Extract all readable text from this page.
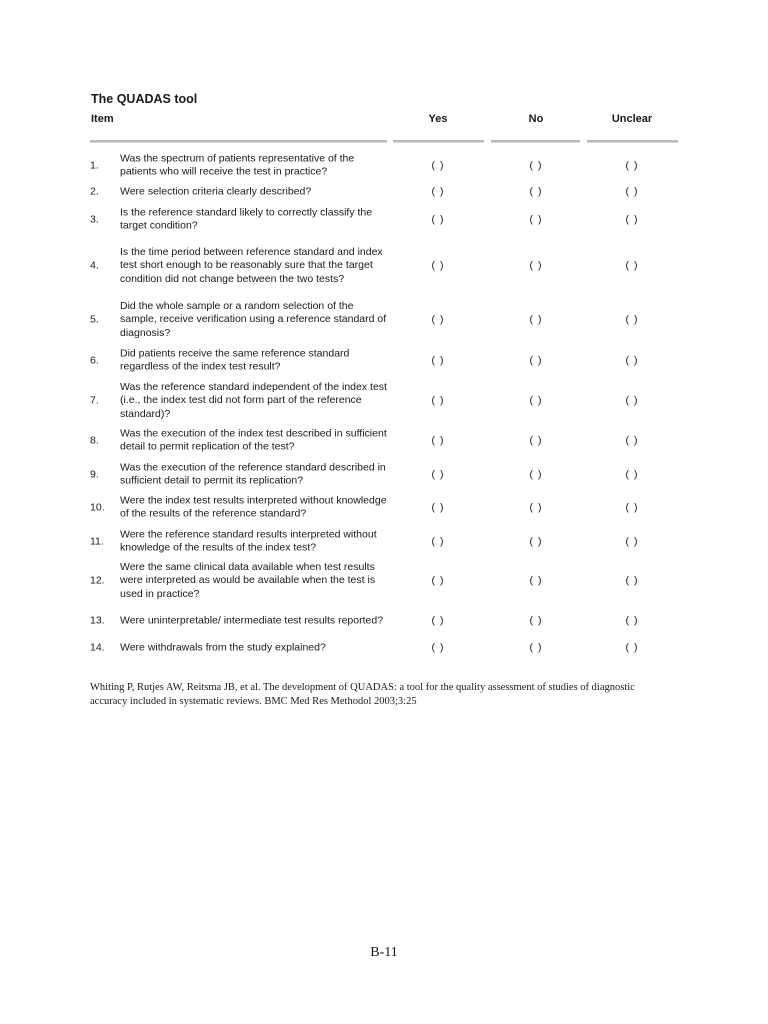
The QUADAS tool
Item	Yes	No	Unclear
1.
Was the spectrum of patients representative of the patients who will receive the test in practice?
( )	( )	( )
2. Were selection criteria clearly described?	( )	( )	( )
3.
Is the reference standard likely to correctly classify the target condition?
( )	( )	( )
4.
Is the time period between reference standard and index test short enough to be reasonably sure that the target condition did not change between the two tests?
( )	( )	( )
5.
Did the whole sample or a random selection of the sample, receive verification using a reference standard of diagnosis?
( )	( )	( )
6.
Did patients receive the same reference standard regardless of the index test result?
( )	( )	( )
7.
Was the reference standard independent of the index test (i.e., the index test did not form part of the reference standard)?
( )	( )	( )
8.
Was the execution of the index test described in sufficient detail to permit replication of the test?
( )	( )	( )
9.
Was the execution of the reference standard described in sufficient detail to permit its replication?
( )	( )	( )
10.
Were the index test results interpreted without knowledge of the results of the reference standard?
( )	( )	( )
11.
Were the reference standard results interpreted without knowledge of the results of the index test?
( )	( )	( )
12.
Were the same clinical data available when test results were interpreted as would be available when the test is used in practice?
( )	( )	( )
13. Were uninterpretable/ intermediate test results reported?	( )	( )	( )
14. Were withdrawals from the study explained?	( )	( )	( )
Whiting P, Rutjes AW, Reitsma JB, et al. The development of QUADAS: a tool for the quality assessment of studies of diagnostic accuracy included in systematic reviews. BMC Med Res Methodol 2003;3:25
B-11
